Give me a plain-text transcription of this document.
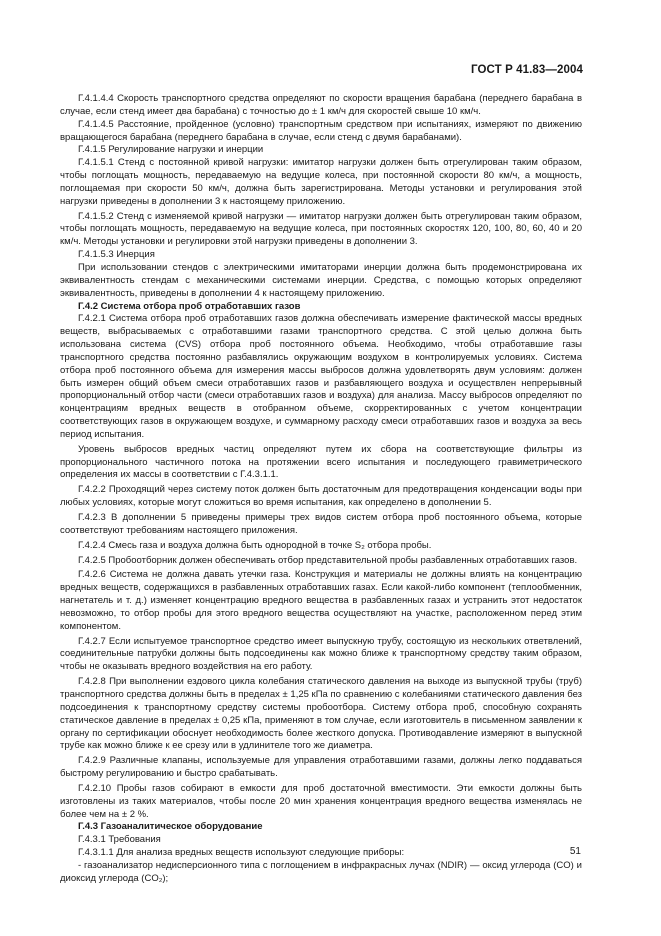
ГОСТ Р 41.83—2004

Г.4.1.4.4 Скорость транспортного средства определяют по скорости вращения барабана (переднего барабана в случае, если стенд имеет два барабана) с точностью до ± 1 км/ч для скоростей свыше 10 км/ч.

Г.4.1.4.5 Расстояние, пройденное (условно) транспортным средством при испытаниях, измеряют по движению вращающегося барабана (переднего барабана в случае, если стенд с двумя барабанами).

Г.4.1.5 Регулирование нагрузки и инерции

Г.4.1.5.1 Стенд с постоянной кривой нагрузки: имитатор нагрузки должен быть отрегулирован таким образом, чтобы поглощать мощность, передаваемую на ведущие колеса, при постоянной скорости 80 км/ч, а мощность, поглощаемая при скорости 50 км/ч, должна быть зарегистрирована. Методы установки и регулирования этой нагрузки приведены в дополнении 3 к настоящему приложению.

Г.4.1.5.2 Стенд с изменяемой кривой нагрузки — имитатор нагрузки должен быть отрегулирован таким образом, чтобы поглощать мощность, передаваемую на ведущие колеса, при постоянных скоростях 120, 100, 80, 60, 40 и 20 км/ч. Методы установки и регулировки этой нагрузки приведены в дополнении 3.

Г.4.1.5.3 Инерция

При использовании стендов с электрическими имитаторами инерции должна быть продемонстрирована их эквивалентность стендам с механическими системами инерции. Средства, с помощью которых определяют эквивалентность, приведены в дополнении 4 к настоящему приложению.

Г.4.2 Система отбора проб отработавших газов

Г.4.2.1 Система отбора проб отработавших газов должна обеспечивать измерение фактической массы вредных веществ, выбрасываемых с отработавшими газами транспортного средства. С этой целью должна быть использована система (CVS) отбора проб постоянного объема. Необходимо, чтобы отработавшие газы транспортного средства постоянно разбавлялись окружающим воздухом в контролируемых условиях. Система отбора проб постоянного объема для измерения массы выбросов должна удовлетворять двум условиям: должен быть измерен общий объем смеси отработавших газов и разбавляющего воздуха и осуществлен непрерывный пропорциональный отбор части (смеси отработавших газов и воздуха) для анализа. Массу выбросов определяют по концентрациям вредных веществ в отобранном объеме, скорректированных с учетом концентрации соответствующих газов в окружающем воздухе, и суммарному расходу смеси отработавших газов и воздуха за весь период испытания.

Уровень выбросов вредных частиц определяют путем их сбора на соответствующие фильтры из пропорционального частичного потока на протяжении всего испытания и последующего гравиметрического определения их массы в соответствии с Г.4.3.1.1.

Г.4.2.2 Проходящий через систему поток должен быть достаточным для предотвращения конденсации воды при любых условиях, которые могут сложиться во время испытания, как определено в дополнении 5.

Г.4.2.3 В дополнении 5 приведены примеры трех видов систем отбора проб постоянного объема, которые соответствуют требованиям настоящего приложения.

Г.4.2.4 Смесь газа и воздуха должна быть однородной в точке S₂ отбора пробы.

Г.4.2.5 Пробоотборник должен обеспечивать отбор представительной пробы разбавленных отработавших газов.

Г.4.2.6 Система не должна давать утечки газа. Конструкция и материалы не должны влиять на концентрацию вредных веществ, содержащихся в разбавленных отработавших газах. Если какой-либо компонент (теплообменник, нагнетатель и т. д.) изменяет концентрацию вредного вещества в разбавленных газах и устранить этот недостаток невозможно, то отбор пробы для этого вредного вещества осуществляют на участке, расположенном перед этим компонентом.

Г.4.2.7 Если испытуемое транспортное средство имеет выпускную трубу, состоящую из нескольких ответвлений, соединительные патрубки должны быть подсоединены как можно ближе к транспортному средству таким образом, чтобы не оказывать вредного воздействия на его работу.

Г.4.2.8 При выполнении ездового цикла колебания статического давления на выходе из выпускной трубы (труб) транспортного средства должны быть в пределах ± 1,25 кПа по сравнению с колебаниями статического давления без подсоединения к транспортному средству системы пробоотбора. Систему отбора проб, способную сохранять статическое давление в пределах ± 0,25 кПа, применяют в том случае, если изготовитель в письменном заявлении к органу по сертификации обоснует необходимость более жесткого допуска. Противодавление измеряют в выпускной трубе как можно ближе к ее срезу или в удлинителе того же диаметра.

Г.4.2.9 Различные клапаны, используемые для управления отработавшими газами, должны легко поддаваться быстрому регулированию и быстро срабатывать.

Г.4.2.10 Пробы газов собирают в емкости для проб достаточной вместимости. Эти емкости должны быть изготовлены из таких материалов, чтобы после 20 мин хранения концентрация вредного вещества изменялась не более чем на ± 2 %.

Г.4.3 Газоаналитическое оборудование

Г.4.3.1 Требования

Г.4.3.1.1 Для анализа вредных веществ используют следующие приборы:

- газоанализатор недисперсионного типа с поглощением в инфракрасных лучах (NDIR) — оксид углерода (CO) и диоксид углерода (CO₂);

51
